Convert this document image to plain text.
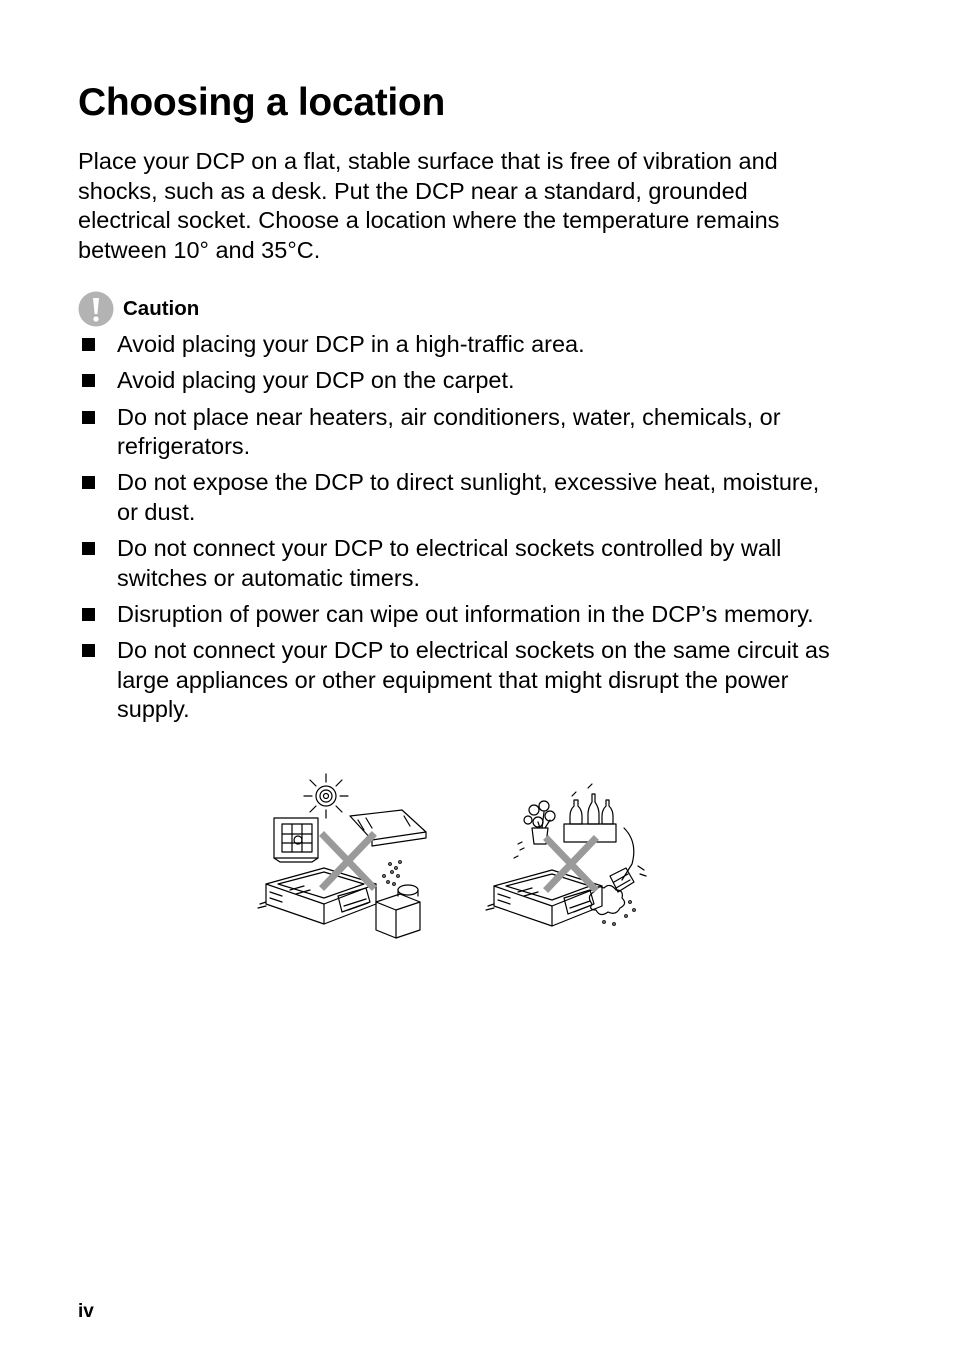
Choosing a location

Place your DCP on a flat, stable surface that is free of vibration and shocks, such as a desk. Put the DCP near a standard, grounded electrical socket. Choose a location where the temperature remains between 10° and 35°C.

Caution
Avoid placing your DCP in a high-traffic area.
Avoid placing your DCP on the carpet.
Do not place near heaters, air conditioners, water, chemicals, or refrigerators.
Do not expose the DCP to direct sunlight, excessive heat, moisture, or dust.
Do not connect your DCP to electrical sockets controlled by wall switches or automatic timers.
Disruption of power can wipe out information in the DCP’s memory.
Do not connect your DCP to electrical sockets on the same circuit as large appliances or other equipment that might disrupt the power supply.
iv
